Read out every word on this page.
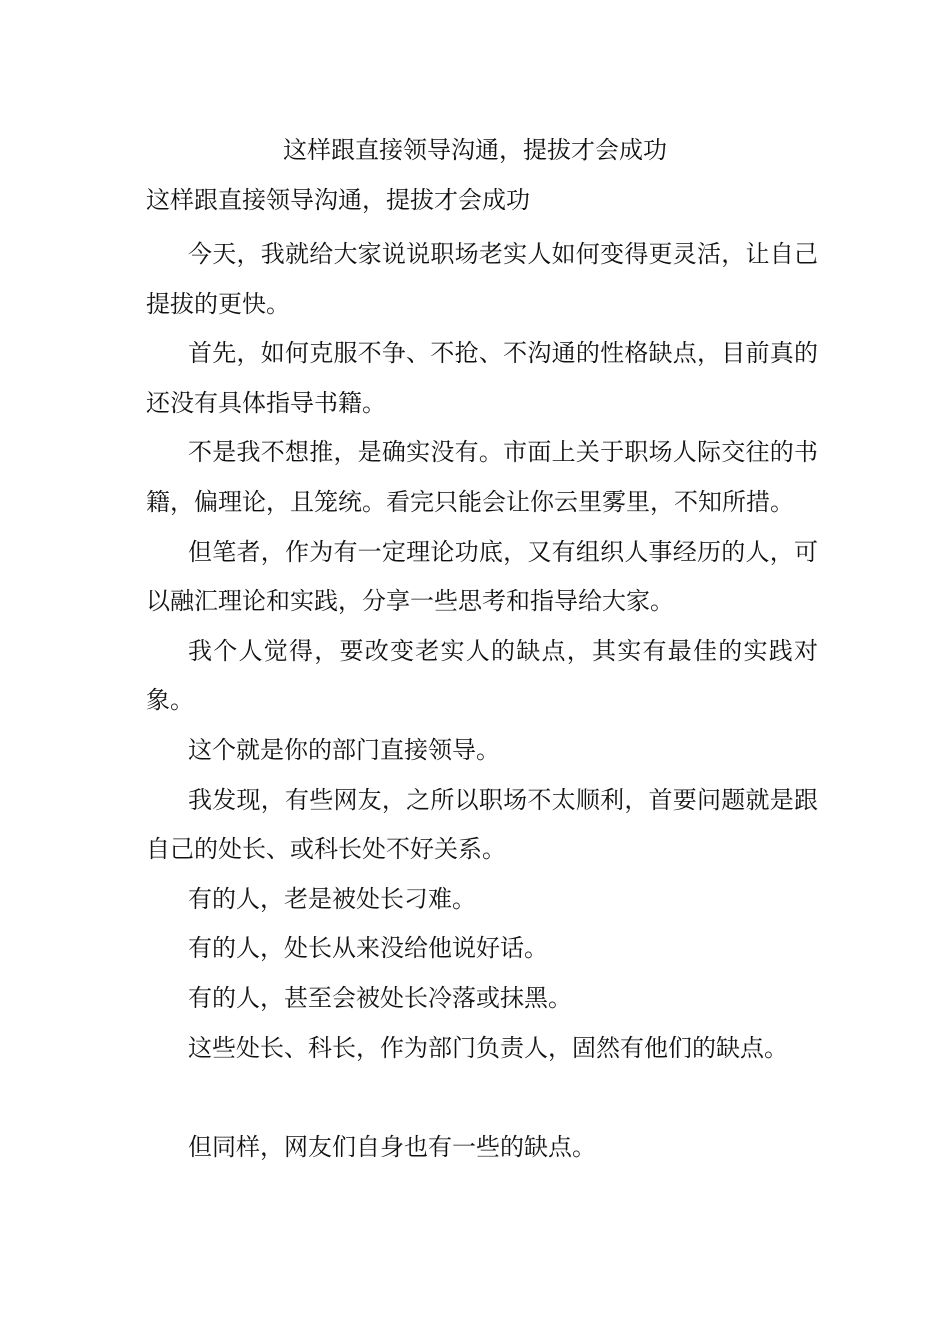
这样跟直接领导沟通，提拔才会成功
这样跟直接领导沟通，提拔才会成功

今天，我就给大家说说职场老实人如何变得更灵活，让自己提拔的更快。

首先，如何克服不争、不抢、不沟通的性格缺点，目前真的还没有具体指导书籍。

不是我不想推，是确实没有。市面上关于职场人际交往的书籍，偏理论，且笼统。看完只能会让你云里雾里，不知所措。

但笔者，作为有一定理论功底，又有组织人事经历的人，可以融汇理论和实践，分享一些思考和指导给大家。

我个人觉得，要改变老实人的缺点，其实有最佳的实践对象。

这个就是你的部门直接领导。

我发现，有些网友，之所以职场不太顺利，首要问题就是跟自己的处长、或科长处不好关系。

有的人，老是被处长刁难。

有的人，处长从来没给他说好话。

有的人，甚至会被处长冷落或抹黑。

这些处长、科长，作为部门负责人，固然有他们的缺点。

但同样，网友们自身也有一些的缺点。
